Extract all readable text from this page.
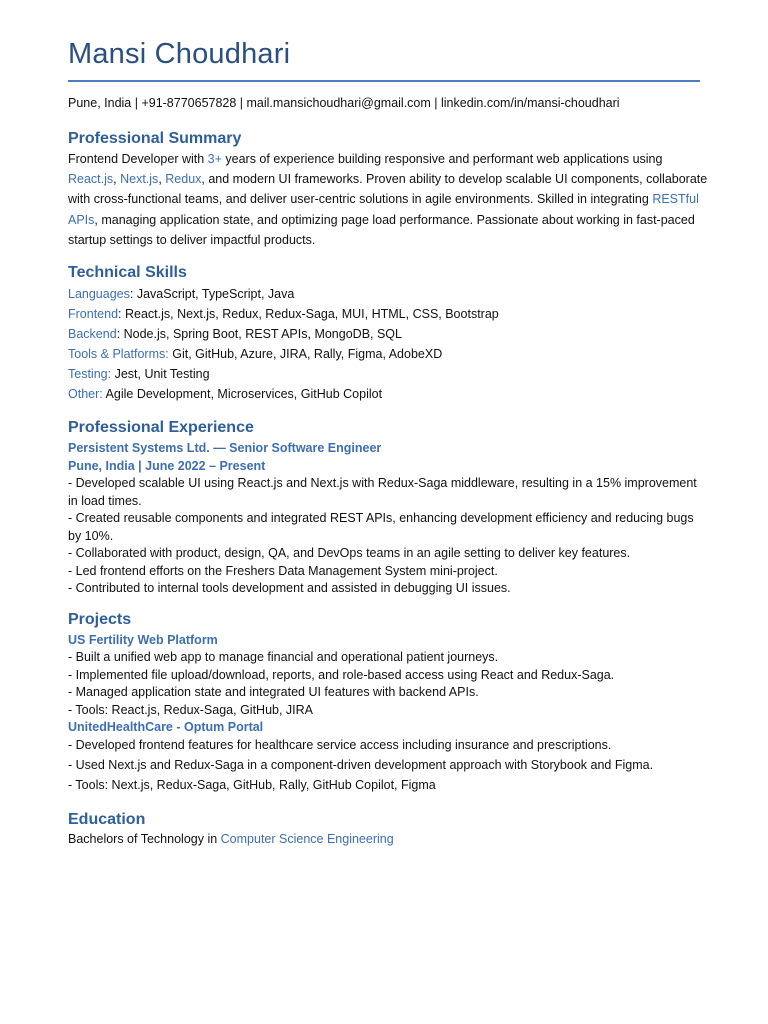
Mansi Choudhari
Pune, India | +91-8770657828 | mail.mansichoudhari@gmail.com | linkedin.com/in/mansi-choudhari
Professional Summary
Frontend Developer with 3+ years of experience building responsive and performant web applications using React.js, Next.js, Redux, and modern UI frameworks. Proven ability to develop scalable UI components, collaborate with cross-functional teams, and deliver user-centric solutions in agile environments. Skilled in integrating RESTful APIs, managing application state, and optimizing page load performance. Passionate about working in fast-paced startup settings to deliver impactful products.
Technical Skills
Languages: JavaScript, TypeScript, Java
Frontend: React.js, Next.js, Redux, Redux-Saga, MUI, HTML, CSS, Bootstrap
Backend: Node.js, Spring Boot, REST APIs, MongoDB, SQL
Tools & Platforms: Git, GitHub, Azure, JIRA, Rally, Figma, AdobeXD
Testing: Jest, Unit Testing
Other: Agile Development, Microservices, GitHub Copilot
Professional Experience
Persistent Systems Ltd. — Senior Software Engineer
Pune, India | June 2022 – Present
- Developed scalable UI using React.js and Next.js with Redux-Saga middleware, resulting in a 15% improvement in load times.
- Created reusable components and integrated REST APIs, enhancing development efficiency and reducing bugs by 10%.
- Collaborated with product, design, QA, and DevOps teams in an agile setting to deliver key features.
- Led frontend efforts on the Freshers Data Management System mini-project.
- Contributed to internal tools development and assisted in debugging UI issues.
Projects
US Fertility Web Platform
- Built a unified web app to manage financial and operational patient journeys.
- Implemented file upload/download, reports, and role-based access using React and Redux-Saga.
- Managed application state and integrated UI features with backend APIs.
- Tools: React.js, Redux-Saga, GitHub, JIRA
UnitedHealthCare - Optum Portal
- Developed frontend features for healthcare service access including insurance and prescriptions.
- Used Next.js and Redux-Saga in a component-driven development approach with Storybook and Figma.
- Tools: Next.js, Redux-Saga, GitHub, Rally, GitHub Copilot, Figma
Education
Bachelors of Technology in Computer Science Engineering
